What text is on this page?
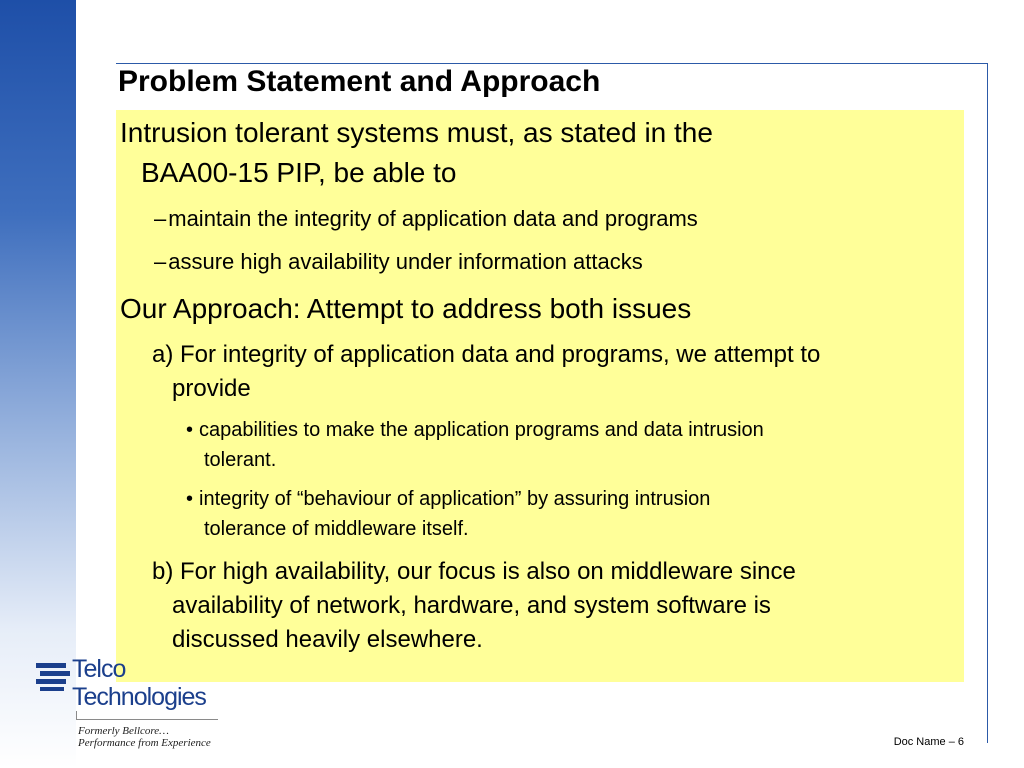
Problem Statement and Approach

Intrusion tolerant systems must, as stated in the

BAA00-15 PIP, be able to

–maintain the integrity of application data and programs

–assure high availability under information attacks

Our Approach: Attempt to address both issues

a) For integrity of application data and programs, we attempt to

provide

• capabilities to make the application programs and data intrusion

tolerant.

• integrity of “behaviour of application” by assuring intrusion

tolerance of middleware itself.

b) For high availability, our focus is also on middleware since

availability of network, hardware, and system software is

discussed heavily elsewhere.

Telco
Technologies
Formerly Bellcore…
Performance from Experience	Doc Name – 6
